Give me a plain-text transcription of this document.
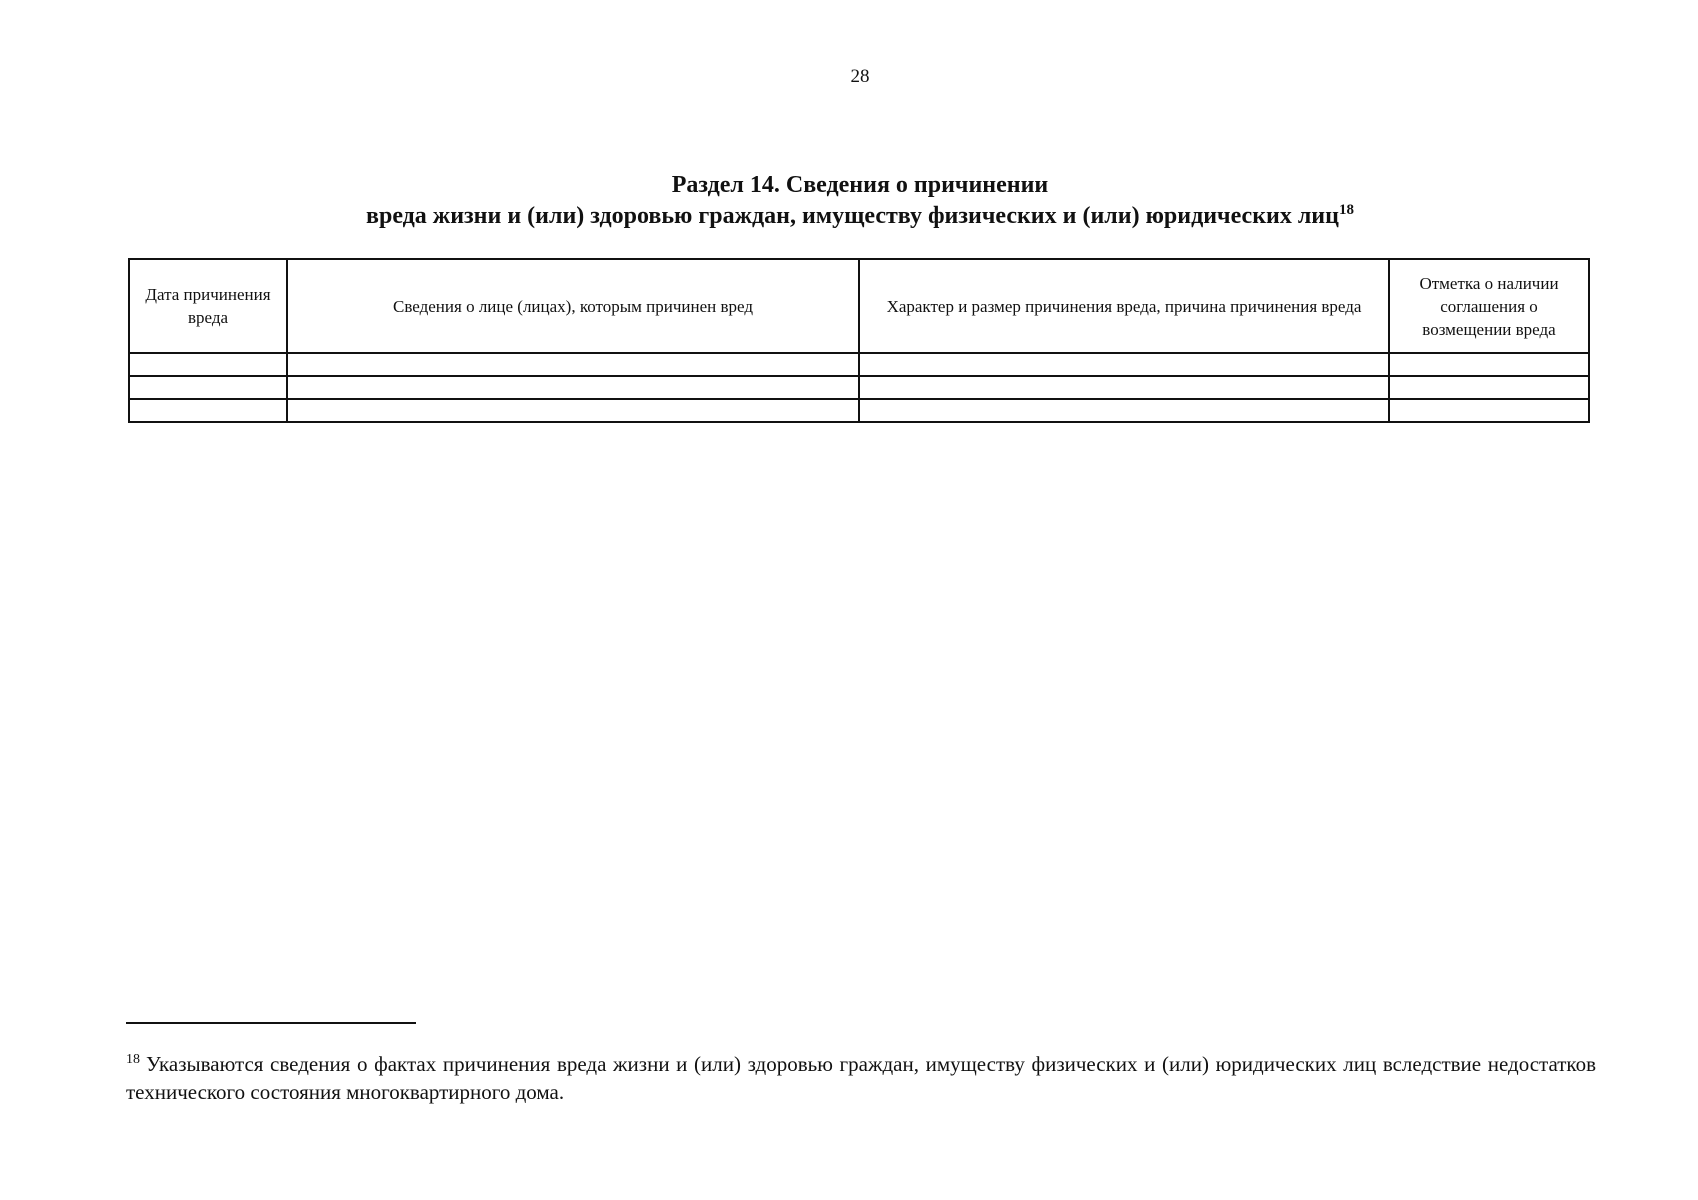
28
Раздел 14. Сведения о причинении
вреда жизни и (или) здоровью граждан, имуществу физических и (или) юридических лиц$^{18}$
Дата причинения вреда	Сведения о лице (лицах), которым причинен вред	Характер и размер причинения вреда, причина причинения вреда	Отметка о наличии соглашения о возмещении вреда

$^{18}$ Указываются сведения о фактах причинения вреда жизни и (или) здоровью граждан, имуществу физических и (или) юридических лиц вследствие недостатков технического состояния многоквартирного дома.
